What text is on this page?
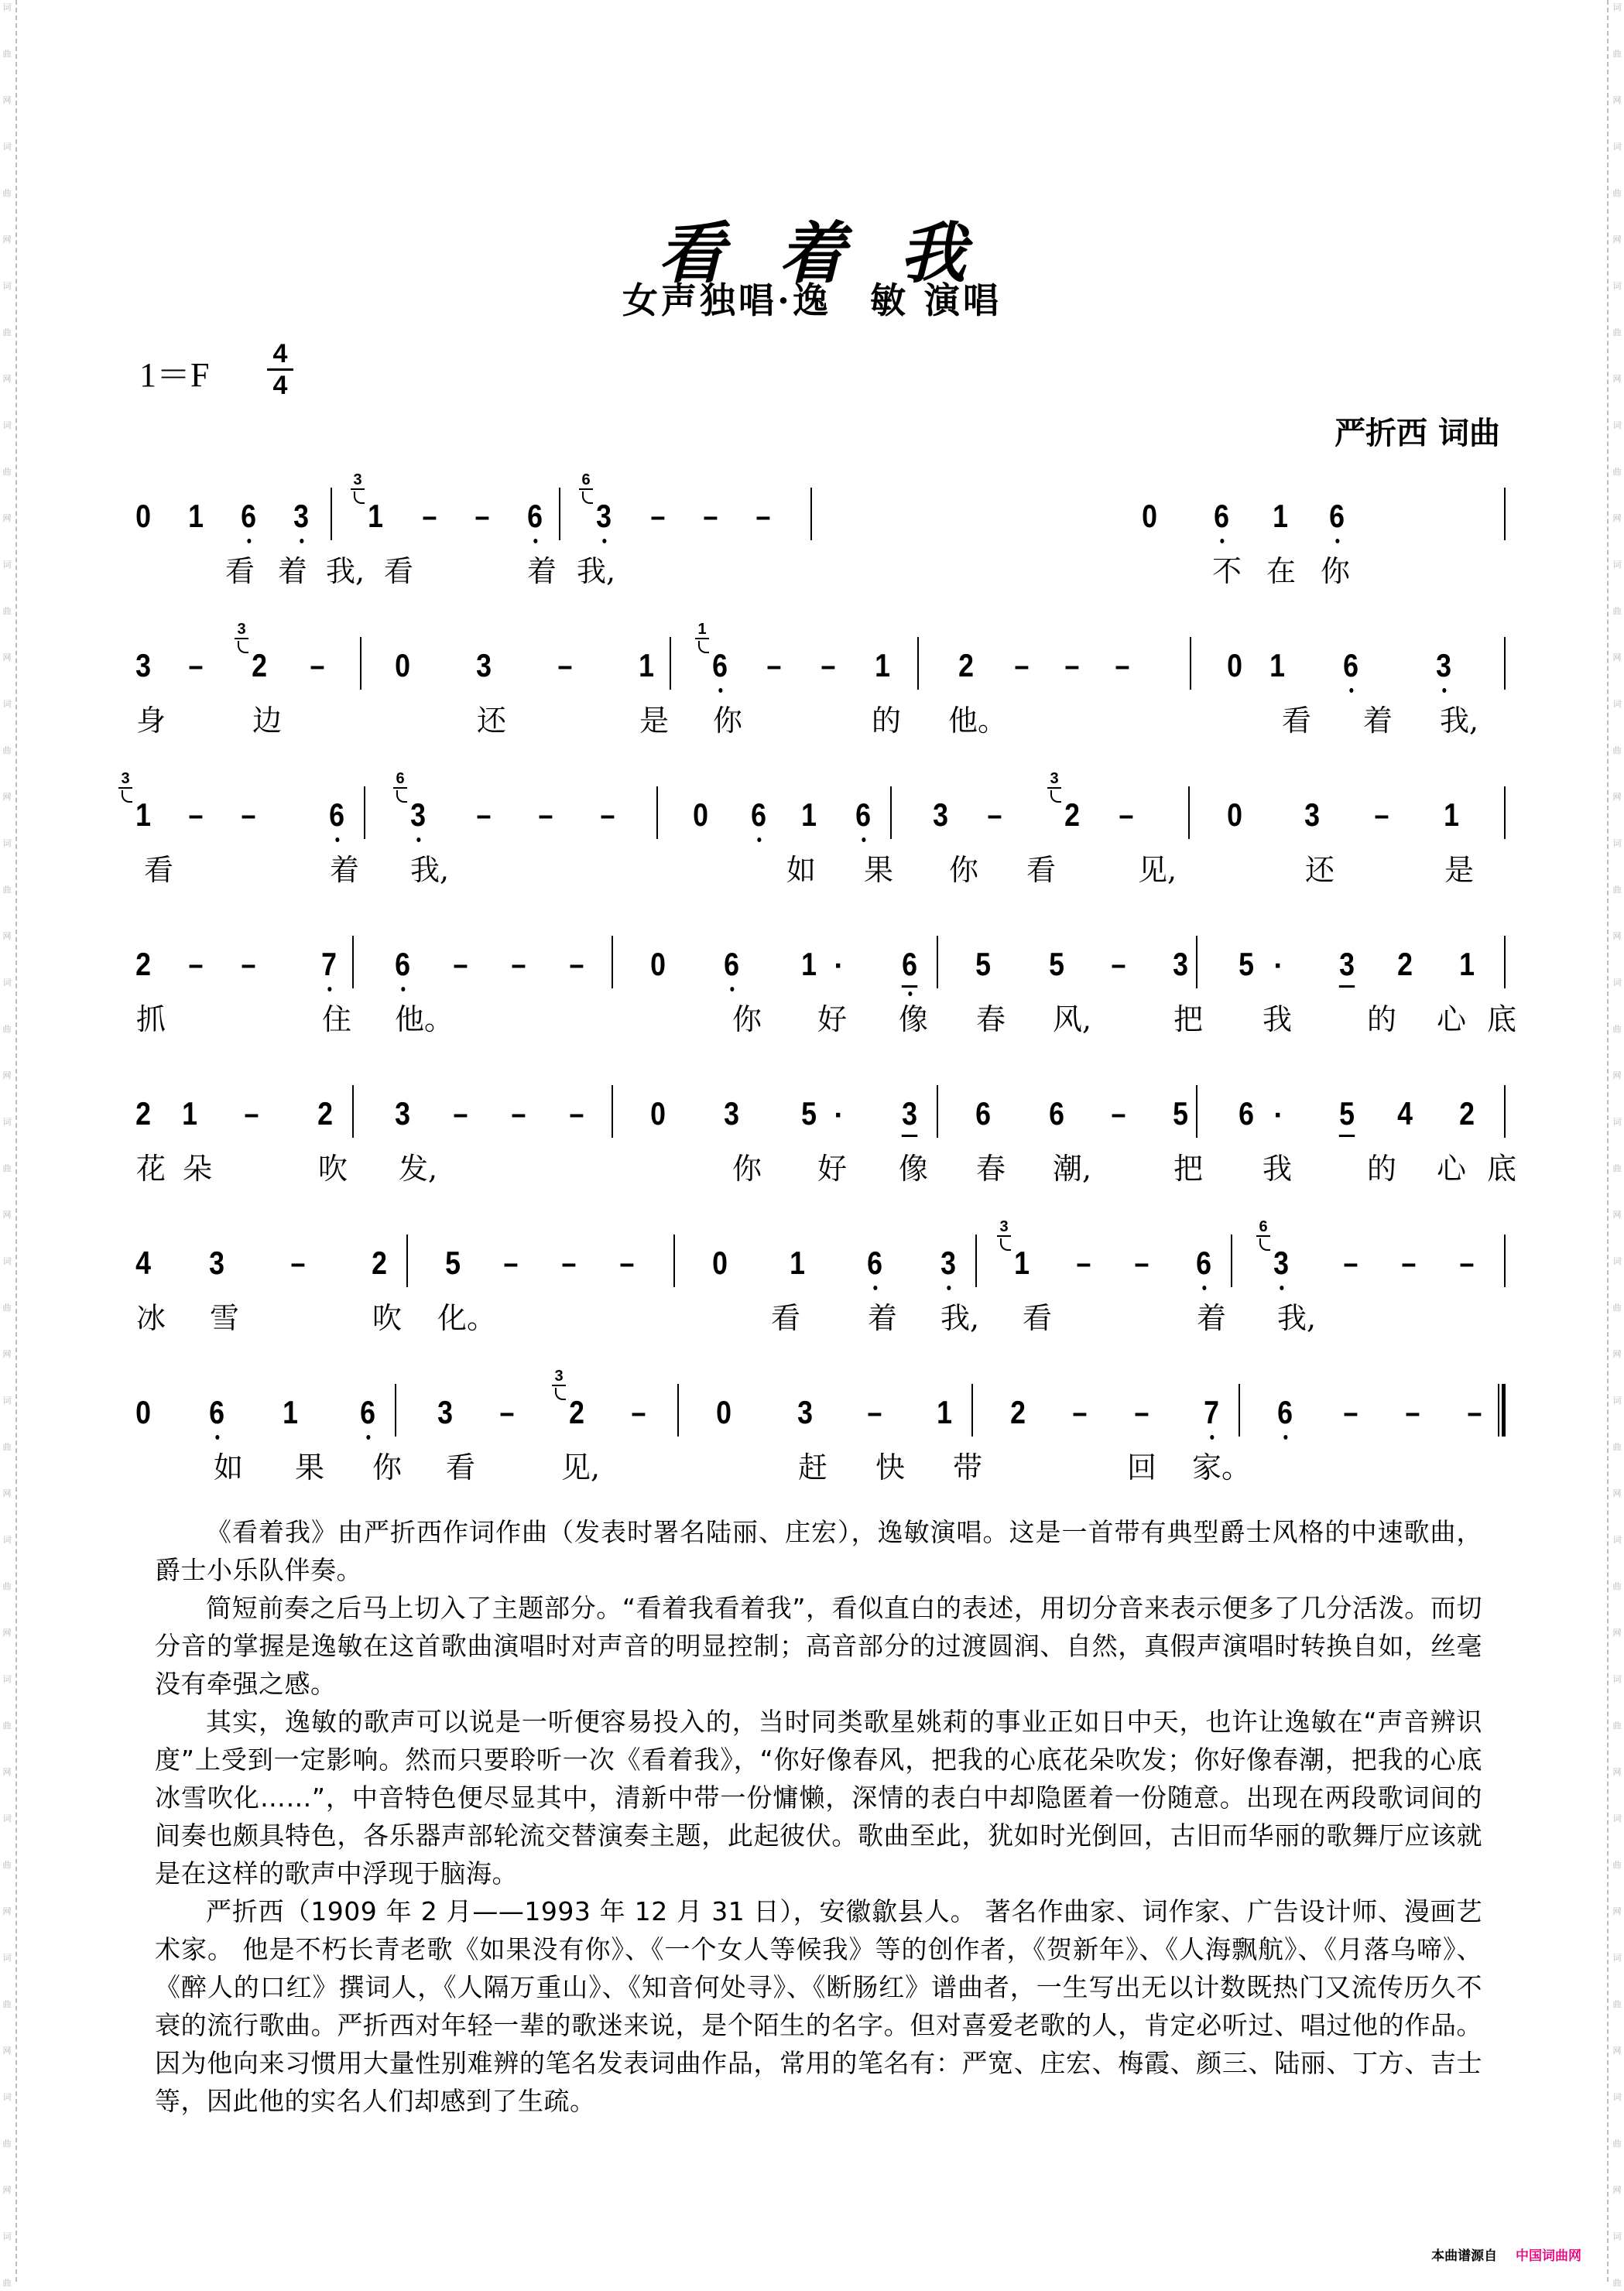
词
曲
网
词
曲
网
词
曲
网
词
曲
网
词
曲
网
词
曲
网
词
曲
网
词
曲
网
词
曲
网
词
曲
网
词
曲
网
词
曲
网
词
曲
网
词
曲
网
词
曲
网
词
曲
网
词
曲
词
曲
网
词
曲
网
词
曲
网
词
曲
网
词
曲
网
词
曲
网
词
曲
网
词
曲
网
词
曲
网
词
曲
网
词
曲
网
词
曲
网
词
曲
网
词
曲
网
词
曲
网
词
曲
网
词
曲
看着我
女声独唱·逸　敏 演唱
1＝F
4
4
严折西 词曲
0 1 6 3 1
3
– – 6 3
6
– – –	0 6 1 6
看 着 我, 看	着 我,	不 在 你
3 – 2
3
– 0 3 – 1 6
1
– – 1 2 – – –	0 1 6 3
身	边	还	是 你	的 他。	看 着 我,
1
3
– – 6 3
6
– – – 0 6 1 6 3 – 2
3
–	0 3 – 1
看	着 我,	如 果 你 看	见,	还	是
2 – – 7 6 – – – 0 6 1 · 6 5 5 – 3 5 · 3 2 1
抓	住 他。	你 好 像 春 风,	把 我	的 心 底
2 1 – 2 3 – – – 0 3 5 · 3 6 6 – 5 6 · 5 4 2
花 朵	吹 发,	你 好 像 春 潮,	把 我	的 心 底
4 3 – 2 5 – – – 0 1 6 3 1
3
– – 6 3
6
– – –
冰 雪	吹 化。	看 着 我, 看	着 我,
0 6 1 6 3 – 2
3
– 0 3 – 1 2 – – 7 6 – – –
如 果 你 看	见,	赶 快 带	回 家。

《看着我》由严折西作词作曲（发表时署名陆丽、庄宏），逸敏演唱。这是一首带有典型爵士风格的中速歌曲，爵士小乐队伴奏。

简短前奏之后马上切入了主题部分。“看着我看着我”，看似直白的表述，用切分音来表示便多了几分活泼。而切分音的掌握是逸敏在这首歌曲演唱时对声音的明显控制；高音部分的过渡圆润、自然，真假声演唱时转换自如，丝毫没有牵强之感。

其实，逸敏的歌声可以说是一听便容易投入的，当时同类歌星姚莉的事业正如日中天，也许让逸敏在“声音辨识度”上受到一定影响。然而只要聆听一次《看着我》，“你好像春风，把我的心底花朵吹发；你好像春潮，把我的心底冰雪吹化……”，中音特色便尽显其中，清新中带一份慵懒，深情的表白中却隐匿着一份随意。出现在两段歌词间的间奏也颇具特色，各乐器声部轮流交替演奏主题，此起彼伏。歌曲至此，犹如时光倒回，古旧而华丽的歌舞厅应该就是在这样的歌声中浮现于脑海。

严折西（1909 年 2 月——1993 年 12 月 31 日），安徽歙县人。 著名作曲家、词作家、广告设计师、漫画艺术家。 他是不朽长青老歌《如果没有你》、《一个女人等候我》等的创作者，《贺新年》、《人海飘航》、《月落乌啼》、《醉人的口红》撰词人，《人隔万重山》、《知音何处寻》、《断肠红》谱曲者，一生写出无以计数既热门又流传历久不衰的流行歌曲。严折西对年轻一辈的歌迷来说，是个陌生的名字。但对喜爱老歌的人，肯定必听过、唱过他的作品。因为他向来习惯用大量性别难辨的笔名发表词曲作品，常用的笔名有：严宽、庄宏、梅霞、颜三、陆丽、丁方、吉士等，因此他的实名人们却感到了生疏。

本曲谱源自 中国词曲网
